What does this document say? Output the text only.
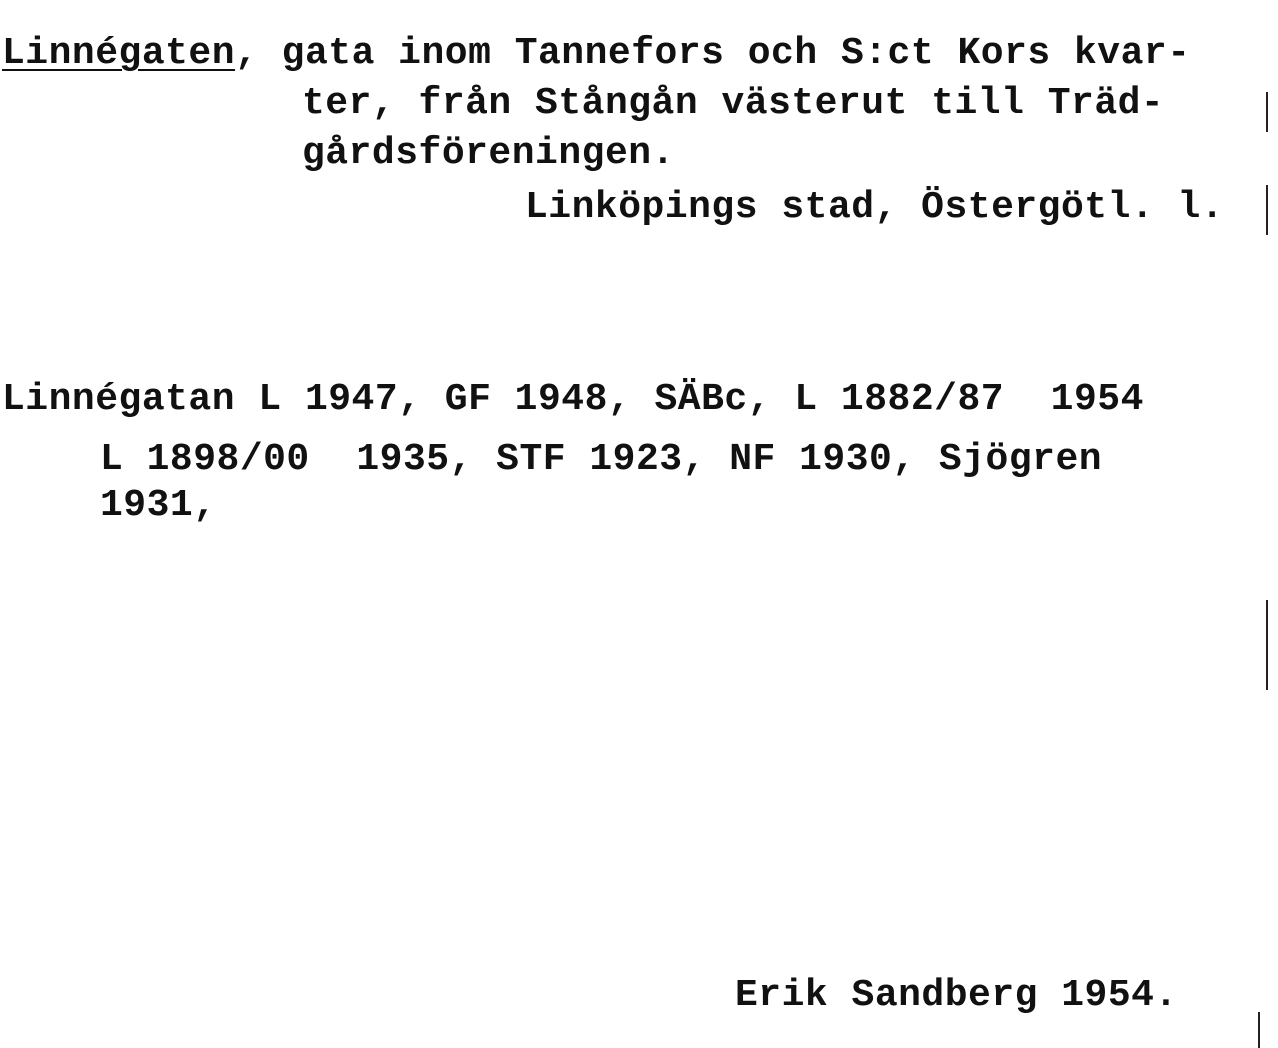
Linnégaten, gata inom Tannefors och S:ct Kors kvar-
ter, från Stångån västerut till Träd-
gårdsföreningen.
Linköpings stad, Östergötl. l.
Linnégatan L 1947, GF 1948, SÄBc, L 1882/87  1954
L 1898/00  1935, STF 1923, NF 1930, Sjögren
1931,
Erik Sandberg 1954.
